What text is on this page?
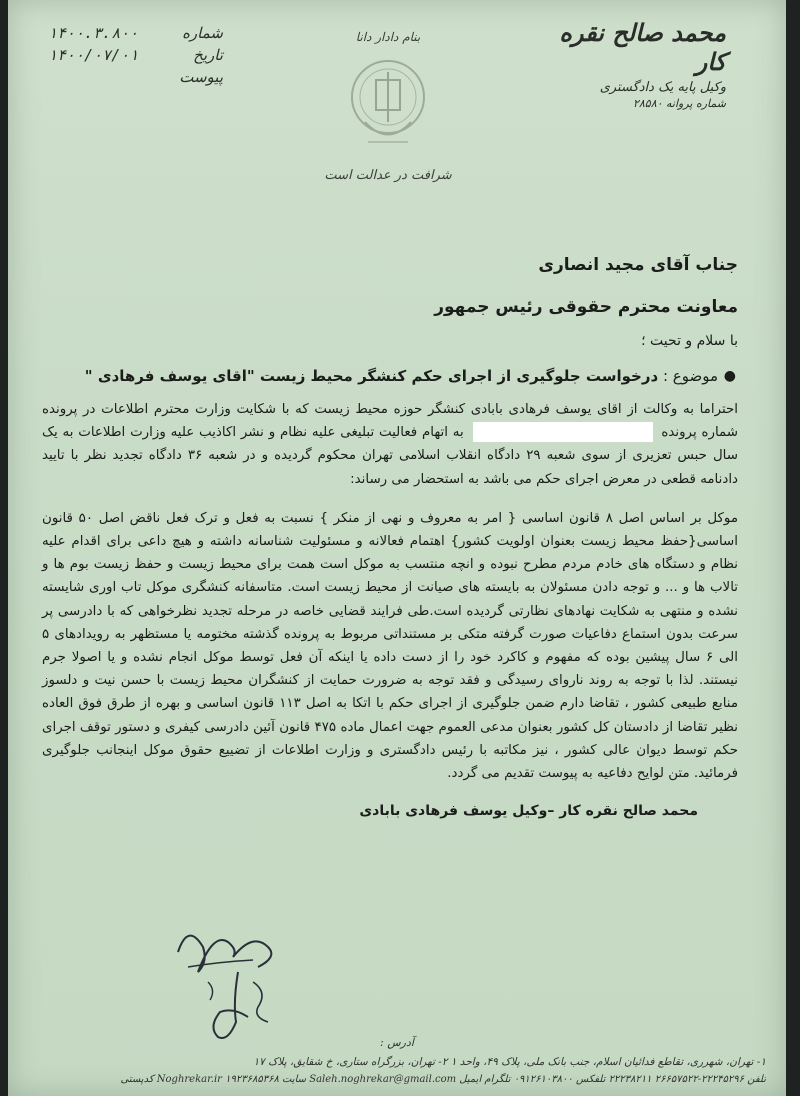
شماره
۱۴۰۰.۳.۸۰۰
تاریخ
۱۴۰۰/۰۷/۰۱
پیوست
بنام دادار دانا
شرافت در عدالت است
محمد صالح نقره کار
وکیل پایه یک دادگستری
شماره پروانه ۲۸۵۸۰
جناب آقای مجید انصاری
معاونت محترم حقوقی رئیس جمهور
با سلام و تحیت ؛
●
موضوع : درخواست جلوگیری از اجرای حکم کنشگر محیط زیست "اقای یوسف فرهادی "
احتراما به وکالت از اقای یوسف فرهادی بابادی کنشگر حوزه محیط زیست که با شکایت وزارت محترم اطلاعات در پرونده شماره پرونده  به اتهام فعالیت تبلیغی علیه نظام و نشر اکاذیب علیه وزارت اطلاعات به یک سال حبس تعزیری از سوی شعبه ۲۹ دادگاه انقلاب اسلامی تهران محکوم گردیده و در شعبه ۳۶ دادگاه تجدید نظر با تایید دادنامه قطعی در معرض اجرای حکم می باشد به استحضار می رساند:
موکل بر اساس اصل ۸ قانون اساسی { امر به معروف و نهی از منکر } نسبت به فعل و ترک فعل ناقض اصل ۵۰ قانون اساسی{حفظ محیط زیست بعنوان اولویت کشور} اهتمام فعالانه و مسئولیت شناسانه داشته و هیچ داعی برای اقدام علیه نظام و دستگاه های خادم مردم مطرح نبوده و انچه منتسب به موکل است همت برای محیط زیست و حفظ زیست بوم ها و تالاب ها و ... و توجه دادن مسئولان به بایسته های صیانت از محیط زیست است. متاسفانه کنشگری موکل تاب اوری شایسته نشده و منتهی به شکایت نهادهای نظارتی گردیده است.طی فرایند قضایی خاصه در مرحله تجدید نظرخواهی که با دادرسی پر سرعت بدون استماع دفاعیات صورت گرفته متکی بر مستنداتی مربوط به پرونده گذشته مختومه یا مستظهر به رویدادهای ۵ الی ۶ سال پیشین بوده که مفهوم و کاکرد خود را از دست داده یا اینکه آن فعل توسط موکل انجام نشده و یا اصولا جرم نیستند. لذا با توجه به روند ناروای رسیدگی و فقد توجه به ضرورت حمایت از کنشگران محیط زیست با حسن نیت و دلسوز منابع طبیعی کشور ، تقاضا دارم ضمن جلوگیری از اجرای حکم با اتکا به اصل ۱۱۳ قانون اساسی و بهره از طرق فوق العاده نظیر تقاضا از دادستان کل کشور بعنوان مدعی العموم جهت اعمال ماده ۴۷۵ قانون آئین دادرسی کیفری و دستور توقف اجرای حکم توسط دیوان عالی کشور ، نیز مکاتبه با رئیس دادگستری و وزارت اطلاعات از تضییع حقوق موکل اینجانب جلوگیری فرمائید. متن لوایح دفاعیه به پیوست تقدیم می گردد.
محمد صالح نقره کار –وکیل یوسف فرهادی بابادی
آدرس :
۱- تهران، شهرری، تقاطع فدائیان اسلام، جنب بانک ملی، پلاک ۴۹، واحد ۱ ۲- تهران، بزرگراه ستاری، خ شقایق، پلاک ۱۷
تلفن ۲۲۲۴۵۲۹۶-۲۶۶۵۷۵۲۲ ۲۲۲۳۸۲۱۱ تلفکس ۰۹۱۲۶۱۰۳۸۰۰ تلگرام ایمیل Saleh.noghrekar@gmail.com سایت Noghrekar.ir ۱۹۲۳۶۸۵۳۶۸ کدپستی
